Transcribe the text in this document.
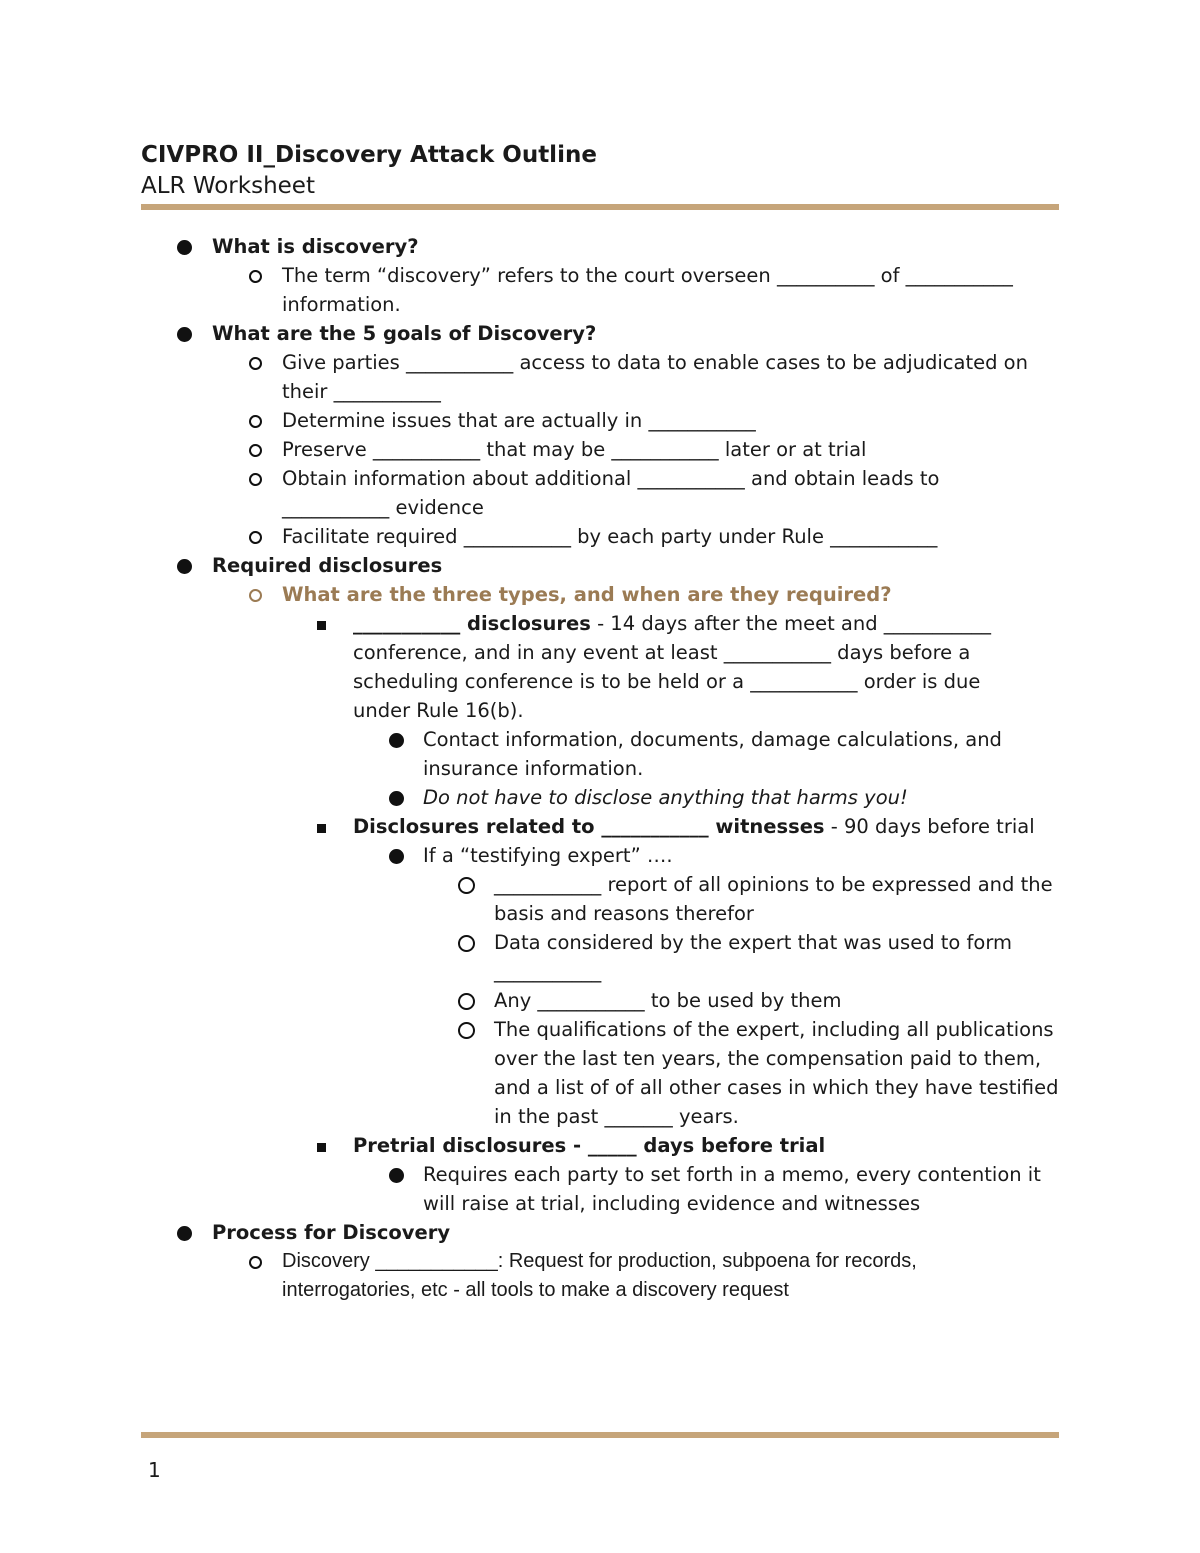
CIVPRO II_Discovery Attack Outline
ALR Worksheet
What is discovery?
The term “discovery” refers to the court overseen __________ of ___________ information.
What are the 5 goals of Discovery?
Give parties ___________ access to data to enable cases to be adjudicated on their ___________
Determine issues that are actually in ___________
Preserve ___________ that may be ___________ later or at trial
Obtain information about additional ___________ and obtain leads to ___________ evidence
Facilitate required ___________ by each party under Rule ___________
Required disclosures
What are the three types, and when are they required?
___________ disclosures - 14 days after the meet and ___________ conference, and in any event at least ___________ days before a scheduling conference is to be held or a ___________ order is due under Rule 16(b).
Contact information, documents, damage calculations, and insurance information.
Do not have to disclose anything that harms you!
Disclosures related to ___________ witnesses - 90 days before trial
If a “testifying expert” ….
___________ report of all opinions to be expressed and the basis and reasons therefor
Data considered by the expert that was used to form ___________
Any ___________ to be used by them
The qualifications of the expert, including all publications over the last ten years, the compensation paid to them, and a list of of all other cases in which they have testified in the past _______ years.
Pretrial disclosures - _____ days before trial
Requires each party to set forth in a memo, every contention it will raise at trial, including evidence and witnesses
Process for Discovery
Discovery ___________: Request for production, subpoena for records, interrogatories, etc - all tools to make a discovery request
1
